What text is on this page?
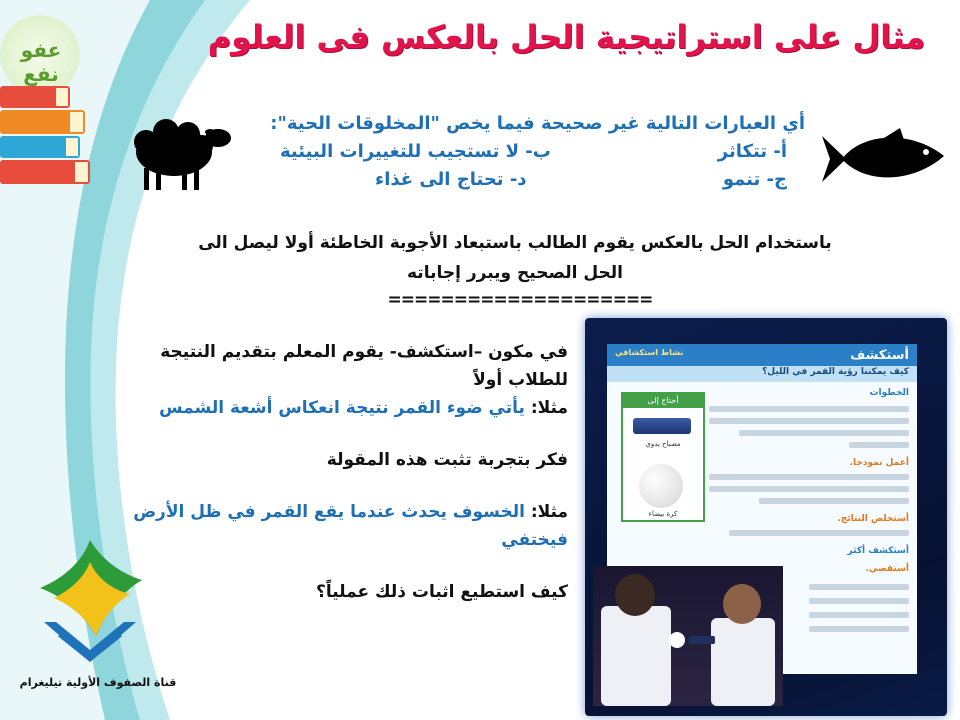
عفو نفع
مثال على استراتيجية الحل بالعكس فى العلوم
أي العبارات التالية غير صحيحة فيما يخص "المخلوقات الحية":
أ- تتكاثر
ب- لا تستجيب للتغييرات البيئية
ج- تنمو
د- تحتاج الى غذاء
باستخدام الحل بالعكس يقوم الطالب باستبعاد الأجوبة الخاطئة أولا ليصل الى
الحل الصحيح ويبرر إجاباته
====================
في مكون –استكشف- يقوم المعلم بتقديم النتيجة للطلاب أولاً
مثلا: يأتي ضوء القمر نتيجة انعكاس أشعة الشمس
فكر بتجربة تثبت هذه المقولة
مثلا: الخسوف يحدث عندما يقع القمر في ظل الأرض فيختفي
كيف استطيع اثبات ذلك عملياً؟
قناة الصفوف الأولية تيليغرام
أستكشف
نشاط استكشافي
كيف يمكننا رؤية القمر في الليل؟
الخطوات
أحتاج إلى
مصباح يدوي
كرة بيضاء
أعمل نموذجا.
أستخلص النتائج.
أستكشف أكثر
أستقصي.
